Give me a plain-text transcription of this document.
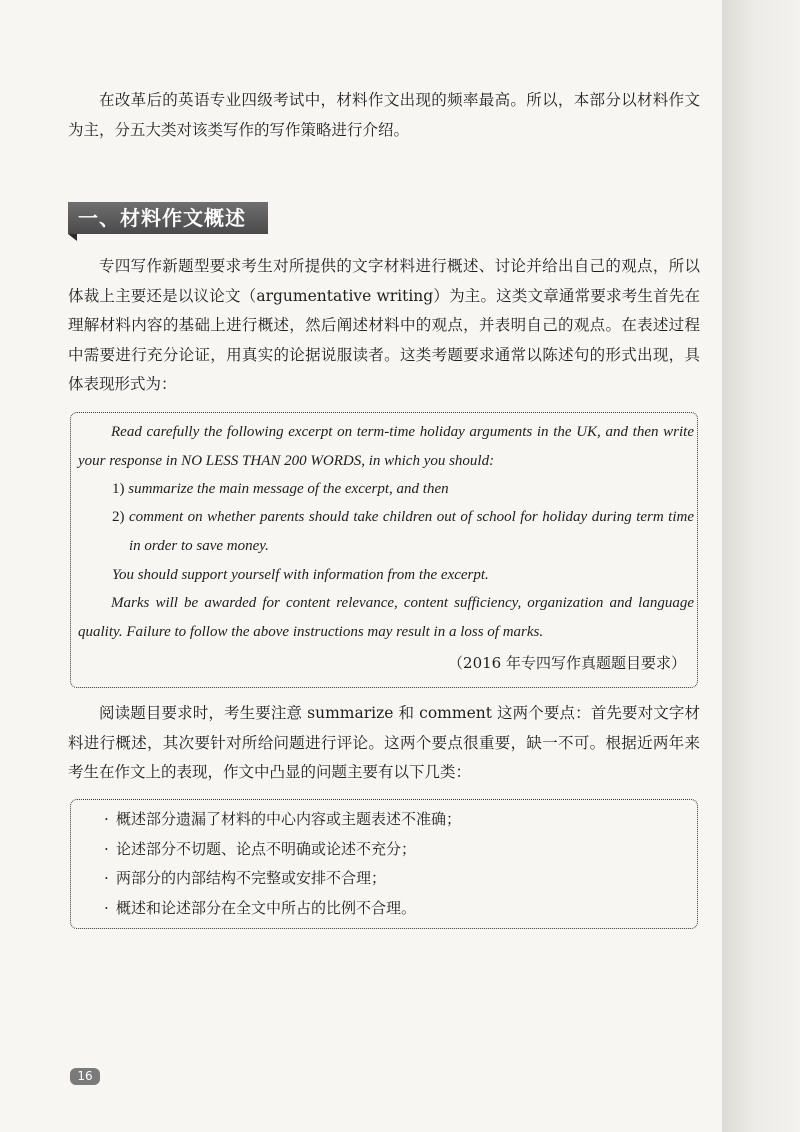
在改革后的英语专业四级考试中，材料作文出现的频率最高。所以，本部分以材料作文为主，分五大类对该类写作的写作策略进行介绍。

一、材料作文概述

专四写作新题型要求考生对所提供的文字材料进行概述、讨论并给出自己的观点，所以体裁上主要还是以议论文（argumentative writing）为主。这类文章通常要求考生首先在理解材料内容的基础上进行概述，然后阐述材料中的观点，并表明自己的观点。在表述过程中需要进行充分论证，用真实的论据说服读者。这类考题要求通常以陈述句的形式出现，具体表现形式为：

Read carefully the following excerpt on term-time holiday arguments in the UK, and then write your response in NO LESS THAN 200 WORDS, in which you should:

1) summarize the main message of the excerpt, and then

2) comment on whether parents should take children out of school for holiday during term time in order to save money.

You should support yourself with information from the excerpt.

Marks will be awarded for content relevance, content sufficiency, organization and language quality. Failure to follow the above instructions may result in a loss of marks.

（2016 年专四写作真题题目要求）

阅读题目要求时，考生要注意 summarize 和 comment 这两个要点：首先要对文字材料进行概述，其次要针对所给问题进行评论。这两个要点很重要，缺一不可。根据近两年来考生在作文上的表现，作文中凸显的问题主要有以下几类：

· 概述部分遗漏了材料的中心内容或主题表述不准确；
· 论述部分不切题、论点不明确或论述不充分；
· 两部分的内部结构不完整或安排不合理；
· 概述和论述部分在全文中所占的比例不合理。
16
